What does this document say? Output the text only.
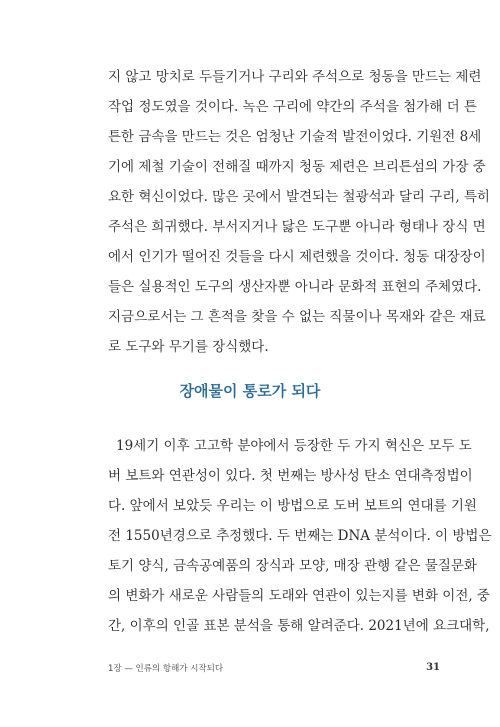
지 않고 망치로 두들기거나 구리와 주석으로 청동을 만드는 제련
작업 정도였을 것이다. 녹은 구리에 약간의 주석을 첨가해 더 튼
튼한 금속을 만드는 것은 엄청난 기술적 발전이었다. 기원전 8세
기에 제철 기술이 전해질 때까지 청동 제련은 브리튼섬의 가장 중
요한 혁신이었다. 많은 곳에서 발견되는 철광석과 달리 구리, 특히
주석은 희귀했다. 부서지거나 닳은 도구뿐 아니라 형태나 장식 면
에서 인기가 떨어진 것들을 다시 제련했을 것이다. 청동 대장장이
들은 실용적인 도구의 생산자뿐 아니라 문화적 표현의 주체였다.
지금으로서는 그 흔적을 찾을 수 없는 직물이나 목재와 같은 재료
로 도구와 무기를 장식했다.
장애물이 통로가 되다
19세기 이후 고고학 분야에서 등장한 두 가지 혁신은 모두 도
버 보트와 연관성이 있다. 첫 번째는 방사성 탄소 연대측정법이
다. 앞에서 보았듯 우리는 이 방법으로 도버 보트의 연대를 기원
전 1550년경으로 추정했다. 두 번째는 DNA 분석이다. 이 방법은
토기 양식, 금속공예품의 장식과 모양, 매장 관행 같은 물질문화
의 변화가 새로운 사람들의 도래와 연관이 있는지를 변화 이전, 중
간, 이후의 인골 표본 분석을 통해 알려준다. 2021년에 요크대학,
1장 — 인류의 항해가 시작되다	31
